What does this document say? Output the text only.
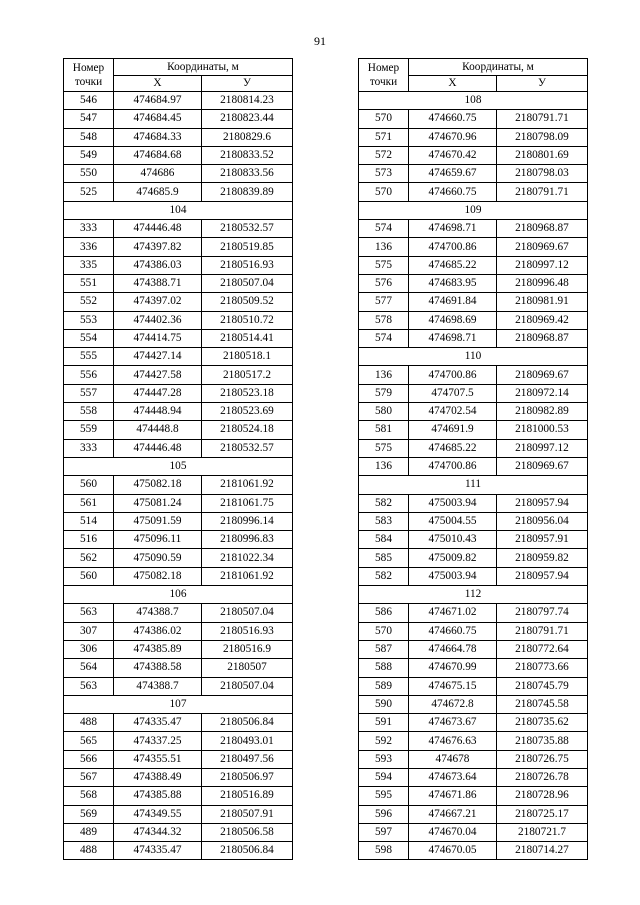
91
Номер
точки	Координаты, м	
	X	У
546	474684.97	2180814.23
547	474684.45	2180823.44
548	474684.33	2180829.6
549	474684.68	2180833.52
550	474686	2180833.56
525	474685.9	2180839.89
104		
333	474446.48	2180532.57
336	474397.82	2180519.85
335	474386.03	2180516.93
551	474388.71	2180507.04
552	474397.02	2180509.52
553	474402.36	2180510.72
554	474414.75	2180514.41
555	474427.14	2180518.1
556	474427.58	2180517.2
557	474447.28	2180523.18
558	474448.94	2180523.69
559	474448.8	2180524.18
333	474446.48	2180532.57
105		
560	475082.18	2181061.92
561	475081.24	2181061.75
514	475091.59	2180996.14
516	475096.11	2180996.83
562	475090.59	2181022.34
560	475082.18	2181061.92
106		
563	474388.7	2180507.04
307	474386.02	2180516.93
306	474385.89	2180516.9
564	474388.58	2180507
563	474388.7	2180507.04
107		
488	474335.47	2180506.84
565	474337.25	2180493.01
566	474355.51	2180497.56
567	474388.49	2180506.97
568	474385.88	2180516.89
569	474349.55	2180507.91
489	474344.32	2180506.58
488	474335.47	2180506.84
Номер
точки	Координаты, м	
	X	У
108		
570	474660.75	2180791.71
571	474670.96	2180798.09
572	474670.42	2180801.69
573	474659.67	2180798.03
570	474660.75	2180791.71
109		
574	474698.71	2180968.87
136	474700.86	2180969.67
575	474685.22	2180997.12
576	474683.95	2180996.48
577	474691.84	2180981.91
578	474698.69	2180969.42
574	474698.71	2180968.87
110		
136	474700.86	2180969.67
579	474707.5	2180972.14
580	474702.54	2180982.89
581	474691.9	2181000.53
575	474685.22	2180997.12
136	474700.86	2180969.67
111		
582	475003.94	2180957.94
583	475004.55	2180956.04
584	475010.43	2180957.91
585	475009.82	2180959.82
582	475003.94	2180957.94
112		
586	474671.02	2180797.74
570	474660.75	2180791.71
587	474664.78	2180772.64
588	474670.99	2180773.66
589	474675.15	2180745.79
590	474672.8	2180745.58
591	474673.67	2180735.62
592	474676.63	2180735.88
593	474678	2180726.75
594	474673.64	2180726.78
595	474671.86	2180728.96
596	474667.21	2180725.17
597	474670.04	2180721.7
598	474670.05	2180714.27
